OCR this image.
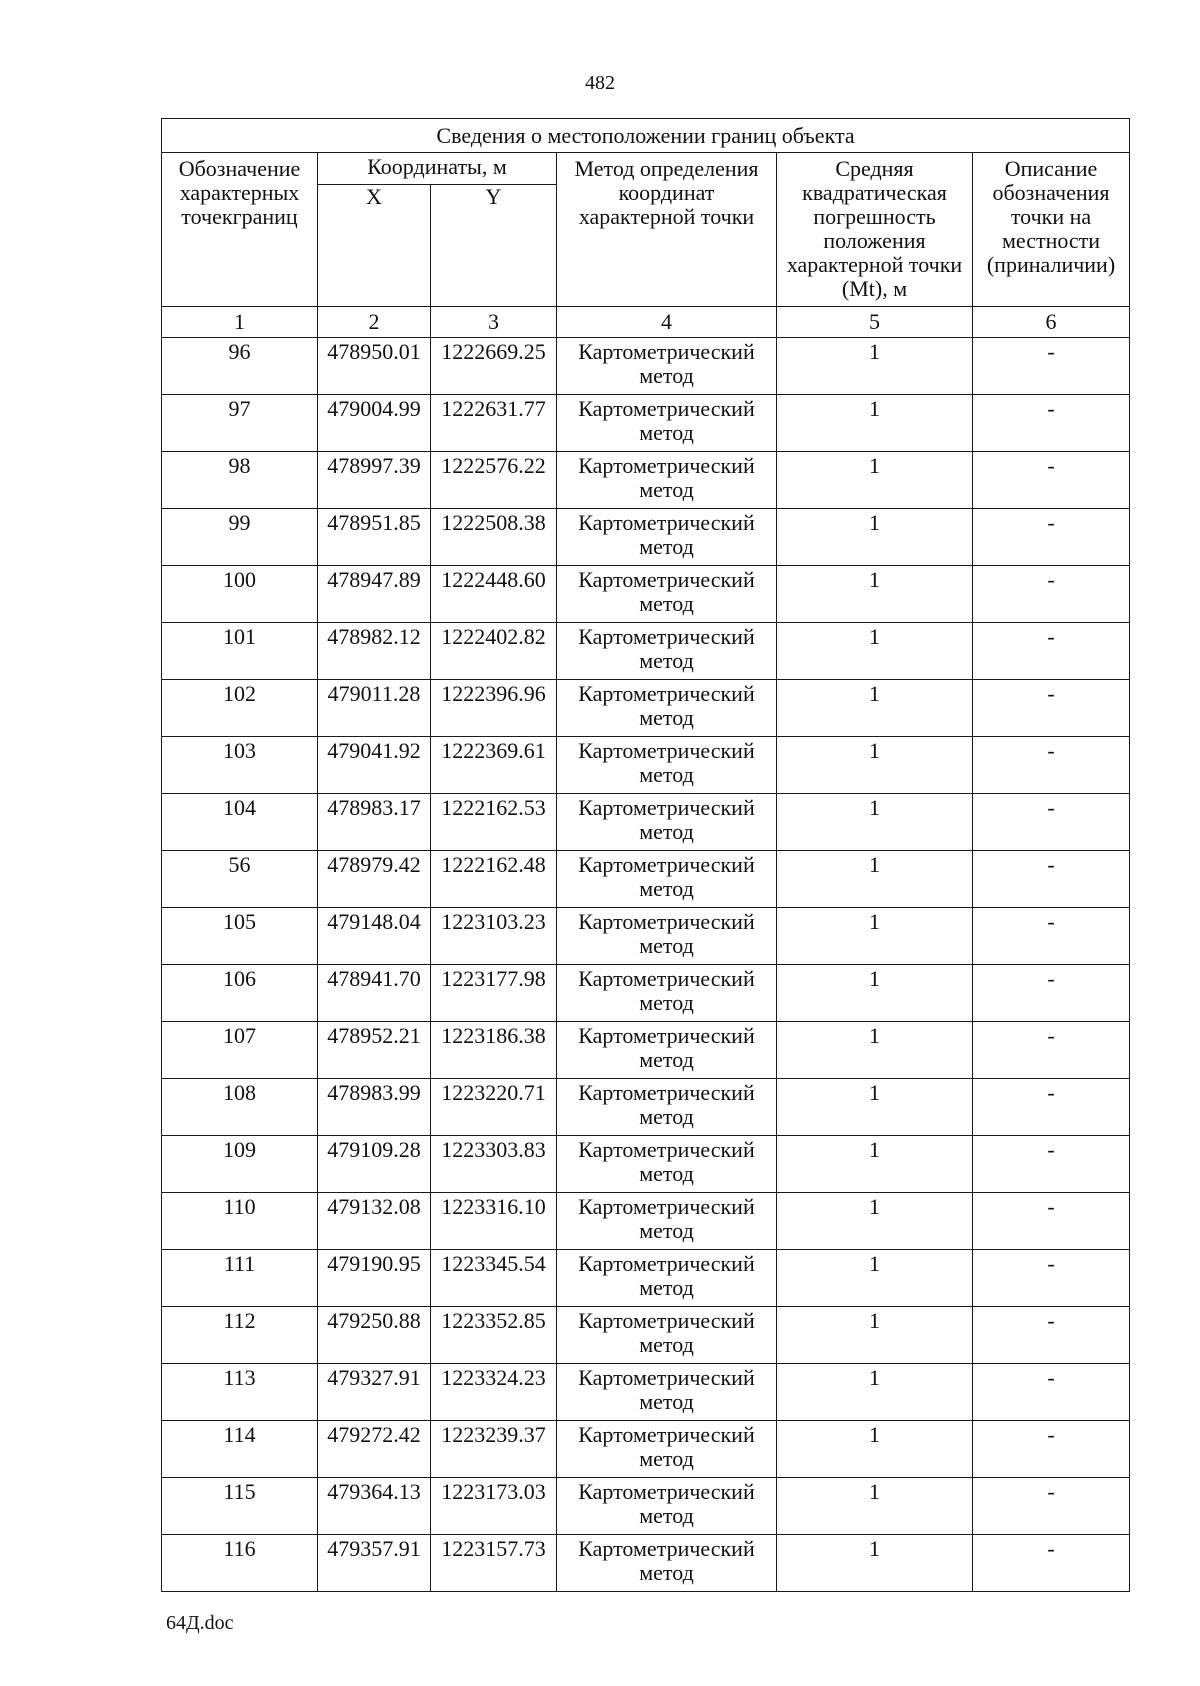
482
Сведения о местоположении границ объекта					
Обозначение характерных точекграниц	Координаты, м		Метод определения координат характерной точки	Средняя квадратическая погрешность положения характерной точки (Mt), м	Описание обозначения точки на местности (приналичии)
	X	Y			
1	2	3	4	5	6
96	478950.01	1222669.25	Картометрический метод	1	-
97	479004.99	1222631.77	Картометрический метод	1	-
98	478997.39	1222576.22	Картометрический метод	1	-
99	478951.85	1222508.38	Картометрический метод	1	-
100	478947.89	1222448.60	Картометрический метод	1	-
101	478982.12	1222402.82	Картометрический метод	1	-
102	479011.28	1222396.96	Картометрический метод	1	-
103	479041.92	1222369.61	Картометрический метод	1	-
104	478983.17	1222162.53	Картометрический метод	1	-
56	478979.42	1222162.48	Картометрический метод	1	-
105	479148.04	1223103.23	Картометрический метод	1	-
106	478941.70	1223177.98	Картометрический метод	1	-
107	478952.21	1223186.38	Картометрический метод	1	-
108	478983.99	1223220.71	Картометрический метод	1	-
109	479109.28	1223303.83	Картометрический метод	1	-
110	479132.08	1223316.10	Картометрический метод	1	-
111	479190.95	1223345.54	Картометрический метод	1	-
112	479250.88	1223352.85	Картометрический метод	1	-
113	479327.91	1223324.23	Картометрический метод	1	-
114	479272.42	1223239.37	Картометрический метод	1	-
115	479364.13	1223173.03	Картометрический метод	1	-
116	479357.91	1223157.73	Картометрический метод	1	-
64Д.doc
